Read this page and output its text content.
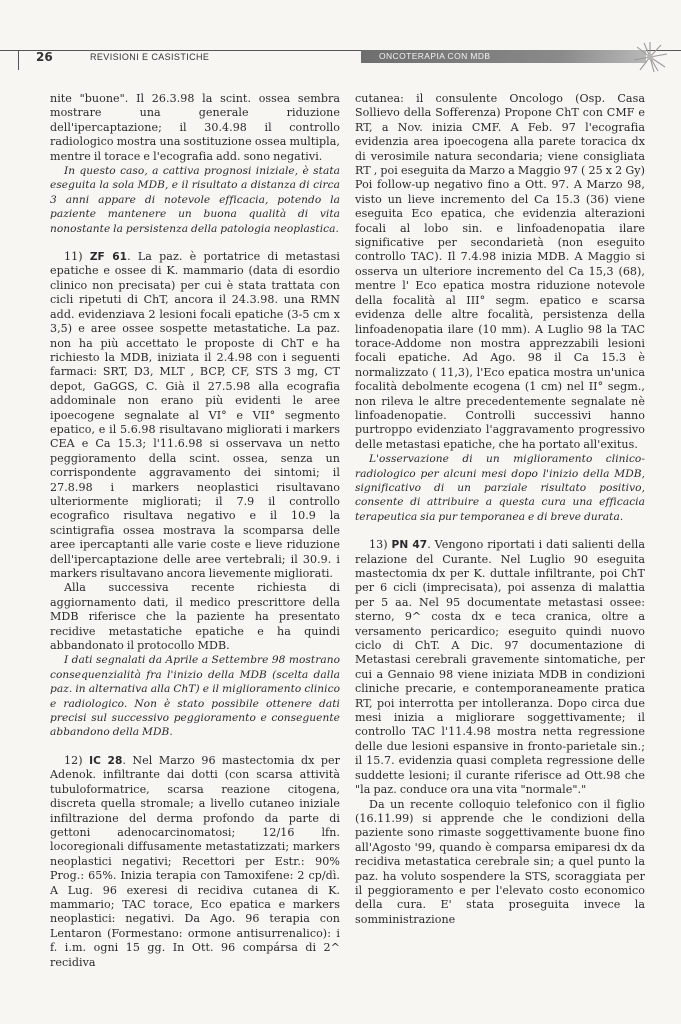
26	REVISIONI E CASISTICHE	ONCOTERAPIA CON MDB

nite "buone". Il 26.3.98 la scint. ossea sembra mostrare una generale riduzione dell'ipercaptazione; il 30.4.98 il controllo radiologico mostra una sostituzione ossea multipla, mentre il torace e l'ecografia add. sono negativi.

In questo caso, a cattiva prognosi iniziale, è stata eseguita la sola MDB, e il risultato a distanza di circa 3 anni appare di notevole efficacia, potendo la paziente mantenere un buona qualità di vita nonostante la persistenza della patologia neoplastica.

11) ZF 61. La paz. è portatrice di metastasi epatiche e ossee di K. mammario (data di esordio clinico non precisata) per cui è stata trattata con cicli ripetuti di ChT, ancora il 24.3.98. una RMN add. evidenziava 2 lesioni focali epatiche (3-5 cm x 3,5) e aree ossee sospette metastatiche. La paz. non ha più accettato le proposte di ChT e ha richiesto la MDB, iniziata il 2.4.98 con i seguenti farmaci: SRT, D3, MLT , BCP, CF, STS 3 mg, CT depot, GaGGS, C. Già il 27.5.98 alla ecografia addominale non erano più evidenti le aree ipoecogene segnalate al VI° e VII° segmento epatico, e il 5.6.98 risultavano migliorati i markers CEA e Ca 15.3; l'11.6.98 si osservava un netto peggioramento della scint. ossea, senza un corrispondente aggravamento dei sintomi; il 27.8.98 i markers neoplastici risultavano ulteriormente migliorati; il 7.9 il controllo ecografico risultava negativo e il 10.9 la scintigrafia ossea mostrava la scomparsa delle aree ipercaptanti alle varie coste e lieve riduzione dell'ipercaptazione delle aree vertebrali; il 30.9. i markers risultavano ancora lievemente migliorati.

Alla successiva recente richiesta di aggiornamento dati, il medico prescrittore della MDB riferisce che la paziente ha presentato recidive metastatiche epatiche e ha quindi abbandonato il protocollo MDB.

I dati segnalati da Aprile a Settembre 98 mostrano consequenzialità fra l'inizio della MDB (scelta dalla paz. in alternativa alla ChT) e il miglioramento clinico e radiologico. Non è stato possibile ottenere dati precisi sul successivo peggioramento e conseguente abbandono della MDB.

12) IC 28. Nel Marzo 96 mastectomia dx per Adenok. infiltrante dai dotti (con scarsa attività tubuloformatrice, scarsa reazione citogena, discreta quella stromale; a livello cutaneo iniziale infiltrazione del derma profondo da parte di gettoni adenocarcinomatosi; 12/16 lfn. locoregionali diffusamente metastatizzati; markers neoplastici negativi; Recettori per Estr.: 90% Prog.: 65%. Inizia terapia con Tamoxifene: 2 cp/dì. A Lug. 96 exeresi di recidiva cutanea di K. mammario; TAC torace, Eco epatica e markers neoplastici: negativi. Da Ago. 96 terapia con Lentaron (Formestano: ormone antisurrenalico): i f. i.m. ogni 15 gg. In Ott. 96 compársa di 2^ recidiva

cutanea: il consulente Oncologo (Osp. Casa Sollievo della Sofferenza) Propone ChT con CMF e RT, a Nov. inizia CMF. A Feb. 97 l'ecografia evidenzia area ipoecogena alla parete toracica dx di verosimile natura secondaria; viene consigliata RT , poi eseguita da Marzo a Maggio 97 ( 25 x 2 Gy) Poi follow-up negativo fino a Ott. 97. A Marzo 98, visto un lieve incremento del Ca 15.3 (36) viene eseguita Eco epatica, che evidenzia alterazioni focali al lobo sin. e linfoadenopatia ilare significative per secondarietà (non eseguito controllo TAC). Il 7.4.98 inizia MDB. A Maggio si osserva un ulteriore incremento del Ca 15,3 (68), mentre l' Eco epatica mostra riduzione notevole della focalità al III° segm. epatico e scarsa evidenza delle altre focalità, persistenza della linfoadenopatia ilare (10 mm). A Luglio 98 la TAC torace-Addome non mostra apprezzabili lesioni focali epatiche. Ad Ago. 98 il Ca 15.3 è normalizzato ( 11,3), l'Eco epatica mostra un'unica focalità debolmente ecogena (1 cm) nel II° segm., non rileva le altre precedentemente segnalate nè linfoadenopatie. Controlli successivi hanno purtroppo evidenziato l'aggravamento progressivo delle metastasi epatiche, che ha portato all'exitus.

L'osservazione di un miglioramento clinico-radiologico per alcuni mesi dopo l'inizio della MDB, significativo di un parziale risultato positivo, consente di attribuire a questa cura una efficacia terapeutica sia pur temporanea e di breve durata.

13) PN 47. Vengono riportati i dati salienti della relazione del Curante. Nel Luglio 90 eseguita mastectomia dx per K. duttale infiltrante, poi ChT per 6 cicli (imprecisata), poi assenza di malattia per 5 aa. Nel 95 documentate metastasi ossee: sterno, 9^ costa dx e teca cranica, oltre a versamento pericardico; eseguito quindi nuovo ciclo di ChT. A Dic. 97 documentazione di Metastasi cerebrali gravemente sintomatiche, per cui a Gennaio 98 viene iniziata MDB in condizioni cliniche precarie, e contemporaneamente pratica RT, poi interrotta per intolleranza. Dopo circa due mesi inizia a migliorare soggettivamente; il controllo TAC l'11.4.98 mostra netta regressione delle due lesioni espansive in fronto-parietale sin.; il 15.7. evidenzia quasi completa regressione delle suddette lesioni; il curante riferisce ad Ott.98 che "la paz. conduce ora una vita "normale"."

Da un recente colloquio telefonico con il figlio (16.11.99) si apprende che le condizioni della paziente sono rimaste soggettivamente buone fino all'Agosto '99, quando è comparsa emiparesi dx da recidiva metastatica cerebrale sin; a quel punto la paz. ha voluto sospendere la STS, scoraggiata per il peggioramento e per l'elevato costo economico della cura. E' stata proseguita invece la somministrazione
